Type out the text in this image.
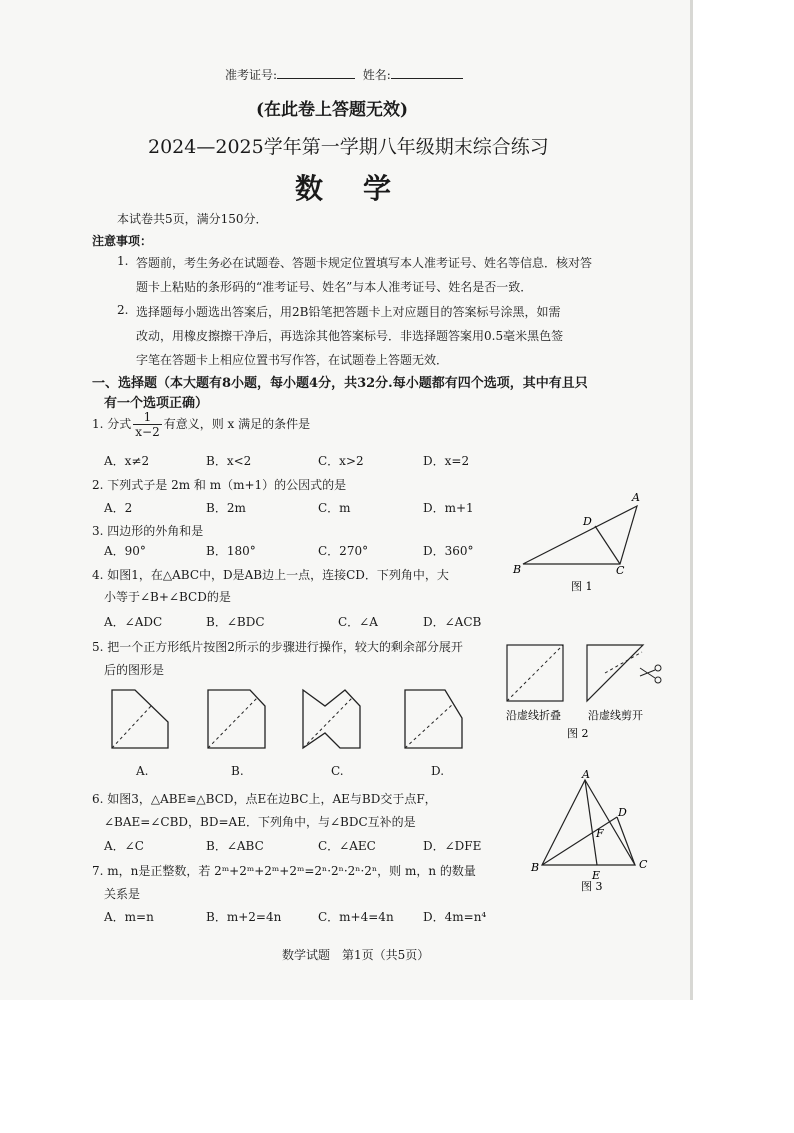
准考证号:	姓名:
(在此卷上答题无效)
2024—2025学年第一学期八年级期末综合练习
数　学
本试卷共5页，满分150分．
注意事项：
1. 答题前，考生务必在试题卷、答题卡规定位置填写本人准考证号、姓名等信息．核对答
题卡上粘贴的条形码的“准考证号、姓名”与本人准考证号、姓名是否一致．
2. 选择题每小题选出答案后，用2B铅笔把答题卡上对应题目的答案标号涂黑，如需
改动，用橡皮擦擦干净后，再选涂其他答案标号．非选择题答案用0.5毫米黑色签
字笔在答题卡上相应位置书写作答，在试题卷上答题无效．
一、选择题（本大题有8小题，每小题4分，共32分.每小题都有四个选项，其中有且只
有一个选项正确）
1. 分式 $\frac{1}{x-2}$ 有意义，则 x 满足的条件是
A．x≠2	B．x<2	C．x>2	D．x=2
2. 下列式子是 2m 和 m（m+1）的公因式的是
A．2	B．2m	C．m	D．m+1
3. 四边形的外角和是
A．90°	B．180°	C．270°	D．360°
4. 如图1，在△ABC中，D是AB边上一点，连接CD．下列角中，大
小等于∠B+∠BCD的是
A．∠ADC	B．∠BDC	C．∠A	D．∠ACB
5. 把一个正方形纸片按图2所示的步骤进行操作，较大的剩余部分展开
后的图形是
A.	B.	C.	D.
6. 如图3，△ABE≌△BCD，点E在边BC上，AE与BD交于点F，
∠BAE=∠CBD，BD=AE．下列角中，与∠BDC互补的是
A．∠C	B．∠ABC	C．∠AEC	D．∠DFE
7. m，n是正整数，若 2ᵐ+2ᵐ+2ᵐ+2ᵐ=2ⁿ·2ⁿ·2ⁿ·2ⁿ，则 m，n 的数量
关系是
A．m=n	B．m+2=4n	C．m+4=4n D．4m=n⁴
A
B	C
D
图 1
沿虚线折叠 沿虚线剪开
图 2
A
B	C
D
E
F
图 3
数学试题　第1页（共5页）
